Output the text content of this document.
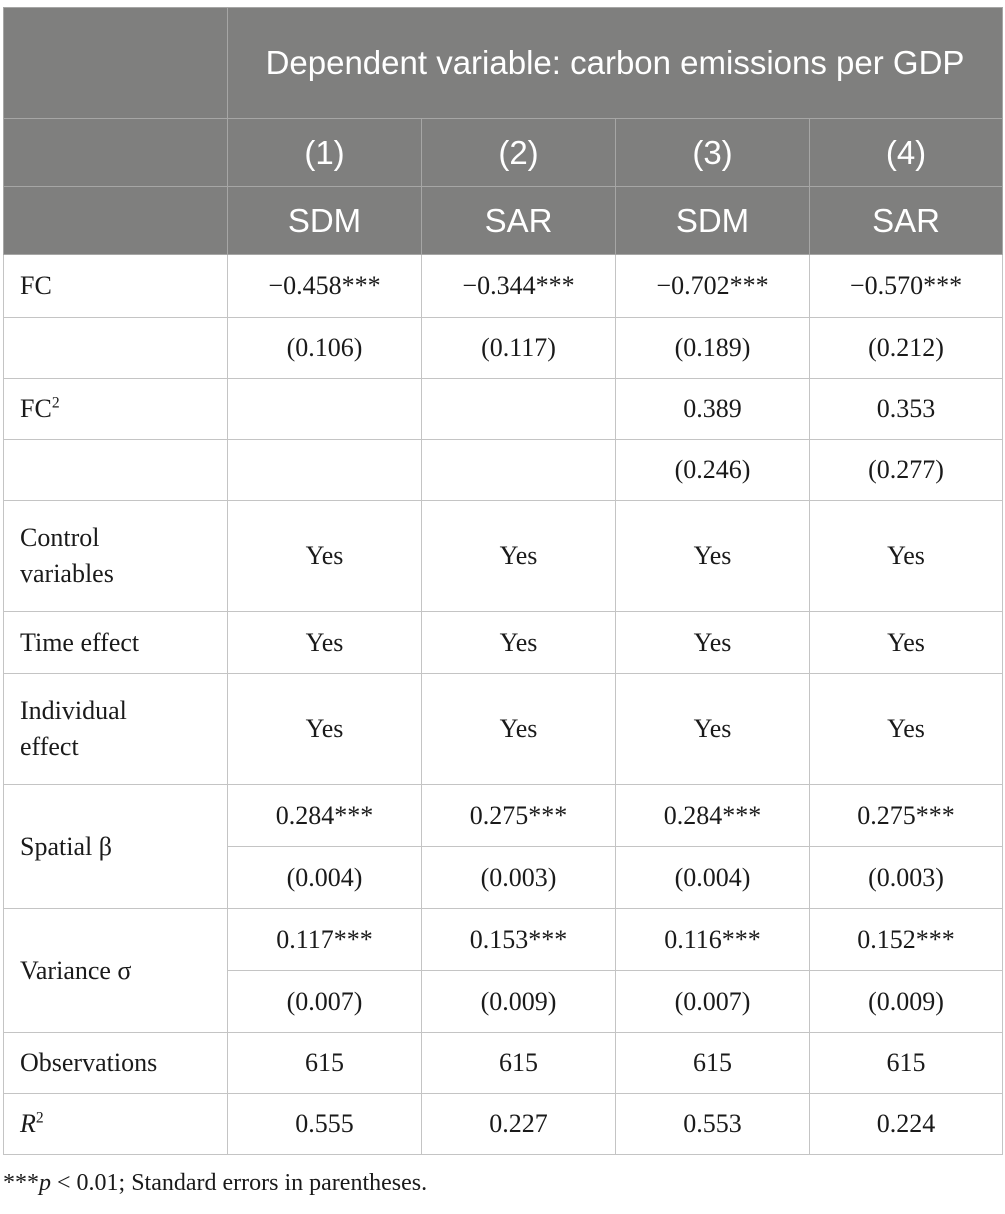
	Dependent variable: carbon emissions per GDP			
	(1)	(2)	(3)	(4)
	SDM	SAR	SDM	SAR
FC	−0.458***	−0.344***	−0.702***	−0.570***
	(0.106)	(0.117)	(0.189)	(0.212)
$FC^2$			0.389	0.353
			(0.246)	(0.277)
Control
variables	Yes	Yes	Yes	Yes
Time effect	Yes	Yes	Yes	Yes
Individual
effect	Yes	Yes	Yes	Yes
Spatial β	0.284***	0.275***	0.284***	0.275***
	(0.004)	(0.003)	(0.004)	(0.003)
Variance σ	0.117***	0.153***	0.116***	0.152***
	(0.007)	(0.009)	(0.007)	(0.009)
Observations	615	615	615	615
$R^2$	0.555	0.227	0.553	0.224
***p < 0.01; Standard errors in parentheses.
